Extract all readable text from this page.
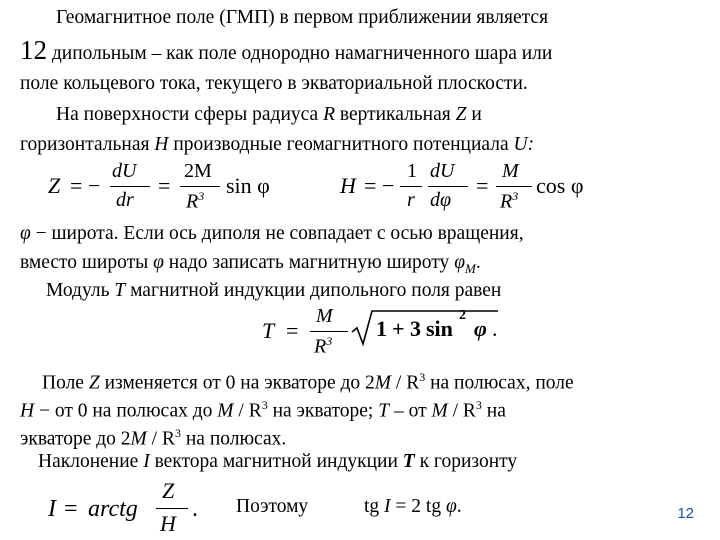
Геомагнитное поле (ГМП) в первом приближении является
12 дипольным – как поле однородно намагниченного шара или
поле кольцевого тока, текущего в экваториальной плоскости.
На поверхности сферы радиуса R вертикальная Z и
горизонтальная H производные геомагнитного потенциала U:
Z = −
dU
dr
=
2M
$R^3$ sin φ	H = −
1
r
dU
dφ
=
M
$R^3$ cos φ
φ − широта. Если ось диполя не совпадает с осью вращения,
вместо широты φ надо записать магнитную широту $\varphi_M$.
Модуль T магнитной индукции дипольного поля равен
T =
M
$R^3$ 1 + 3 sin
2
φ .
Поле Z изменяется от 0 на экваторе до $2M / R^3$ на полюсах, поле
H − от 0 на полюсах до M / $R^3$ на экваторе; T – от M / $R^3$ на
экваторе до $2M / R^3$ на полюсах.
Наклонение I вектора магнитной индукции T к горизонту
I = arctg
Z
H
. Поэтому	tg I = 2 tg φ.	12
